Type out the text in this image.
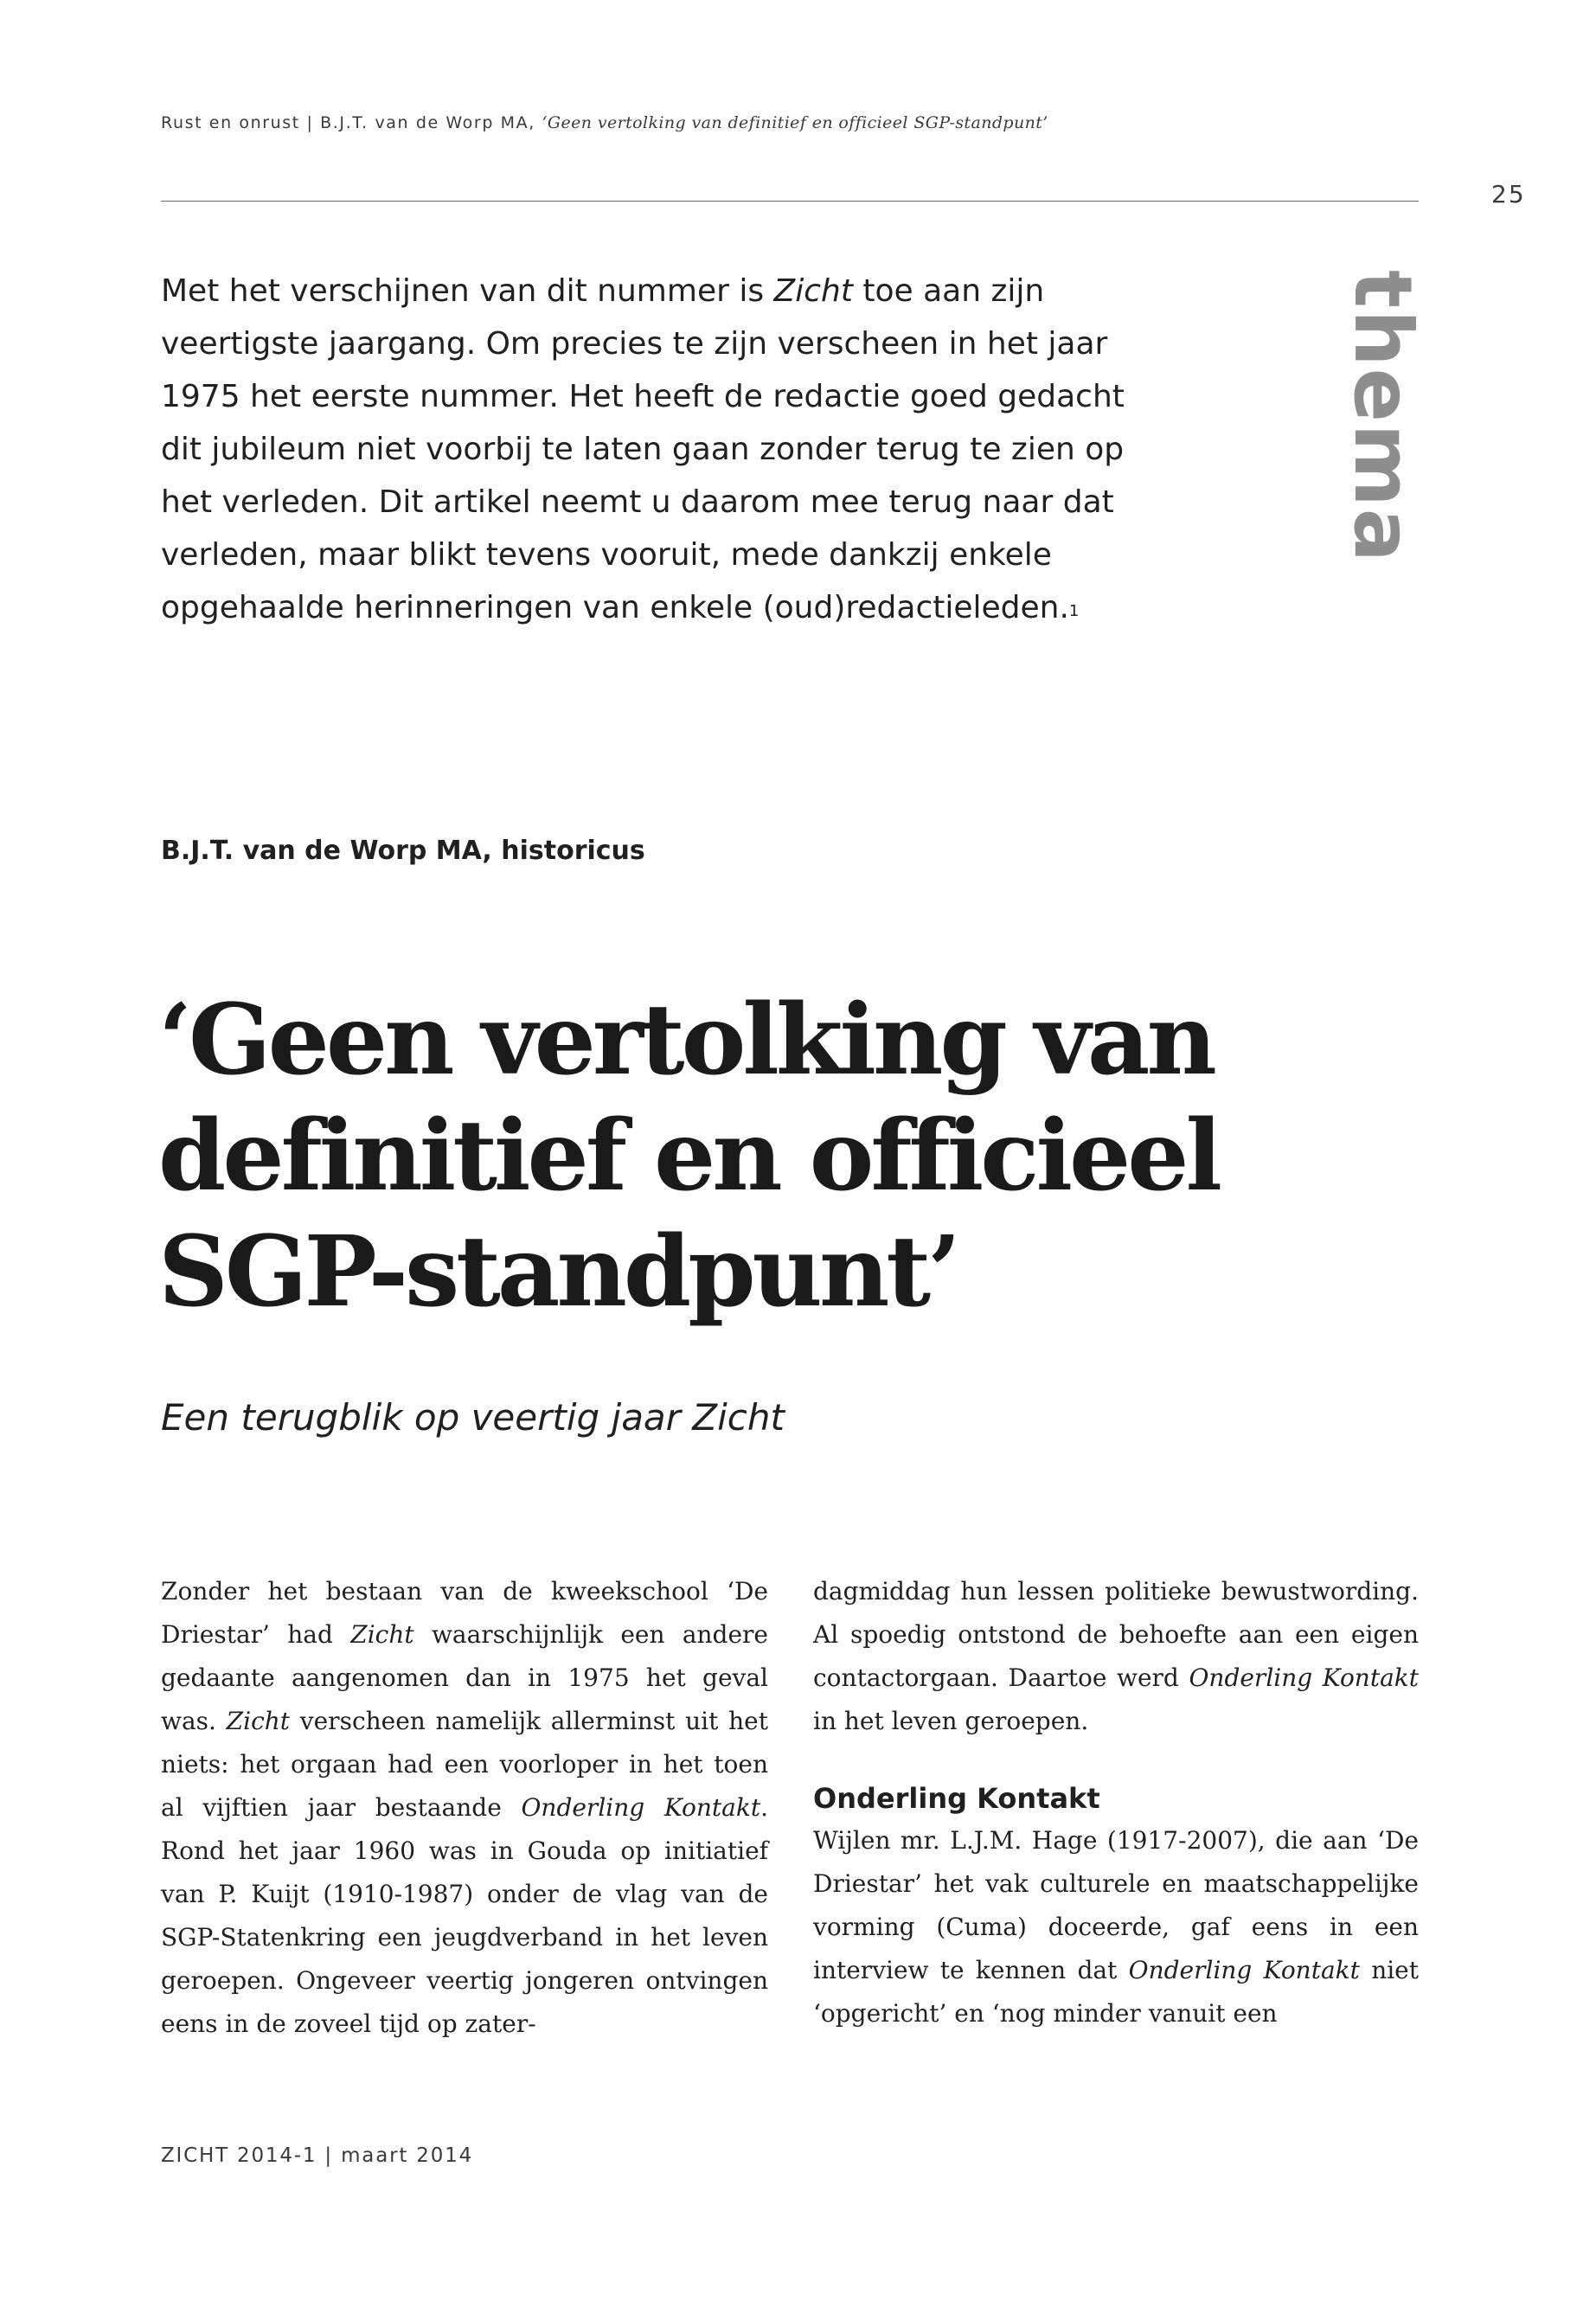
Rust en onrust | B.J.T. van de Worp MA, ‘Geen vertolking van definitief en officieel SGP-standpunt’
25
thema

Met het verschijnen van dit nummer is Zicht toe aan zijn veertigste jaargang. Om precies te zijn verscheen in het jaar 1975 het eerste nummer. Het heeft de redactie goed gedacht dit jubileum niet voorbij te laten gaan zonder terug te zien op het verleden. Dit artikel neemt u daarom mee terug naar dat verleden, maar blikt tevens vooruit, mede dankzij enkele opgehaalde herinneringen van enkele (oud)redactieleden.$^1$

B.J.T. van de Worp MA, historicus
‘Geen vertolking van definitief en officieel SGP-standpunt’
Een terugblik op veertig jaar Zicht

Zonder het bestaan van de kweekschool ‘De Driestar’ had Zicht waarschijnlijk een andere gedaante aangenomen dan in 1975 het geval was. Zicht verscheen namelijk allerminst uit het niets: het orgaan had een voorloper in het toen al vijftien jaar bestaande Onderling Kontakt. Rond het jaar 1960 was in Gouda op initiatief van P. Kuijt (1910-1987) onder de vlag van de SGP-Statenkring een jeugdverband in het leven geroepen. Ongeveer veertig jongeren ontvingen eens in de zoveel tijd op zater-

dagmiddag hun lessen politieke bewustwording. Al spoedig ontstond de behoefte aan een eigen contactorgaan. Daartoe werd Onderling Kontakt in het leven geroepen.

Onderling Kontakt

Wijlen mr. L.J.M. Hage (1917-2007), die aan ‘De Driestar’ het vak culturele en maatschappelijke vorming (Cuma) doceerde, gaf eens in een interview te kennen dat Onderling Kontakt niet ‘opgericht’ en ‘nog minder vanuit een

ZICHT 2014-1 | maart 2014
